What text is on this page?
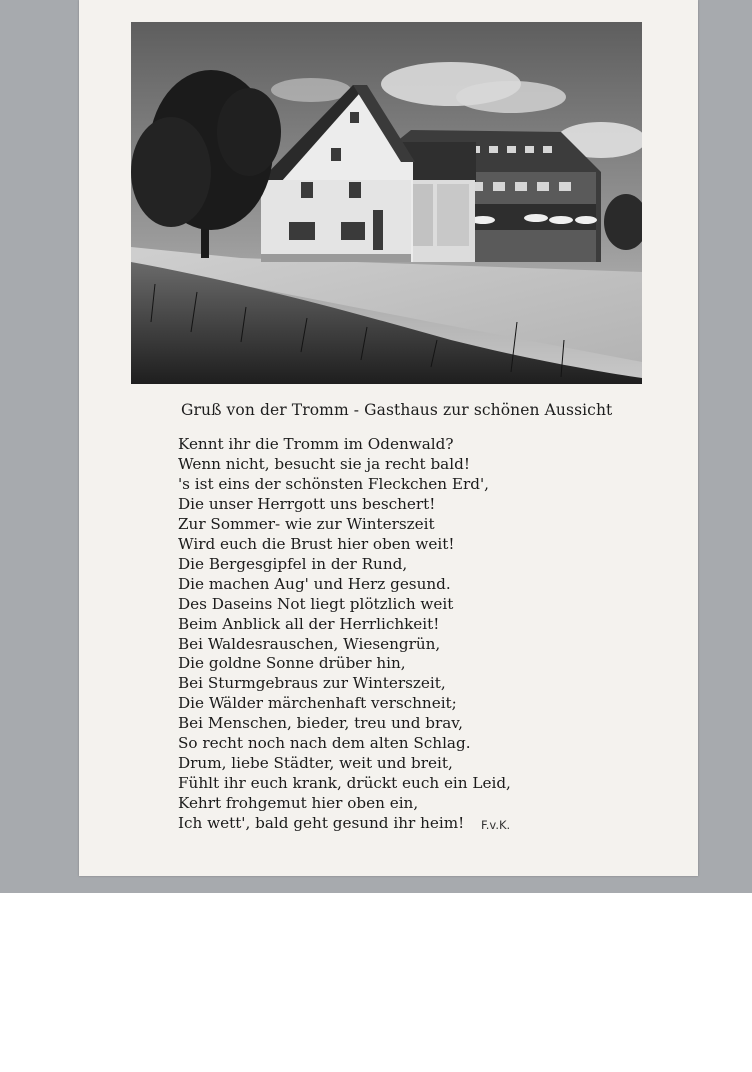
Gruß von der Tromm - Gasthaus zur schönen Aussicht
Kennt ihr die Tromm im Odenwald?
Wenn nicht, besucht sie ja recht bald!
's ist eins der schönsten Fleckchen Erd',
Die unser Herrgott uns beschert!
Zur Sommer- wie zur Winterszeit
Wird euch die Brust hier oben weit!
Die Bergesgipfel in der Rund,
Die machen Aug' und Herz gesund.
Des Daseins Not liegt plötzlich weit
Beim Anblick all der Herrlichkeit!
Bei Waldesrauschen, Wiesengrün,
Die goldne Sonne drüber hin,
Bei Sturmgebraus zur Winterszeit,
Die Wälder märchenhaft verschneit;
Bei Menschen, bieder, treu und brav,
So recht noch nach dem alten Schlag.
Drum, liebe Städter, weit und breit,
Fühlt ihr euch krank, drückt euch ein Leid,
Kehrt frohgemut hier oben ein,
Ich wett', bald geht gesund ihr heim!	F.v.K.
